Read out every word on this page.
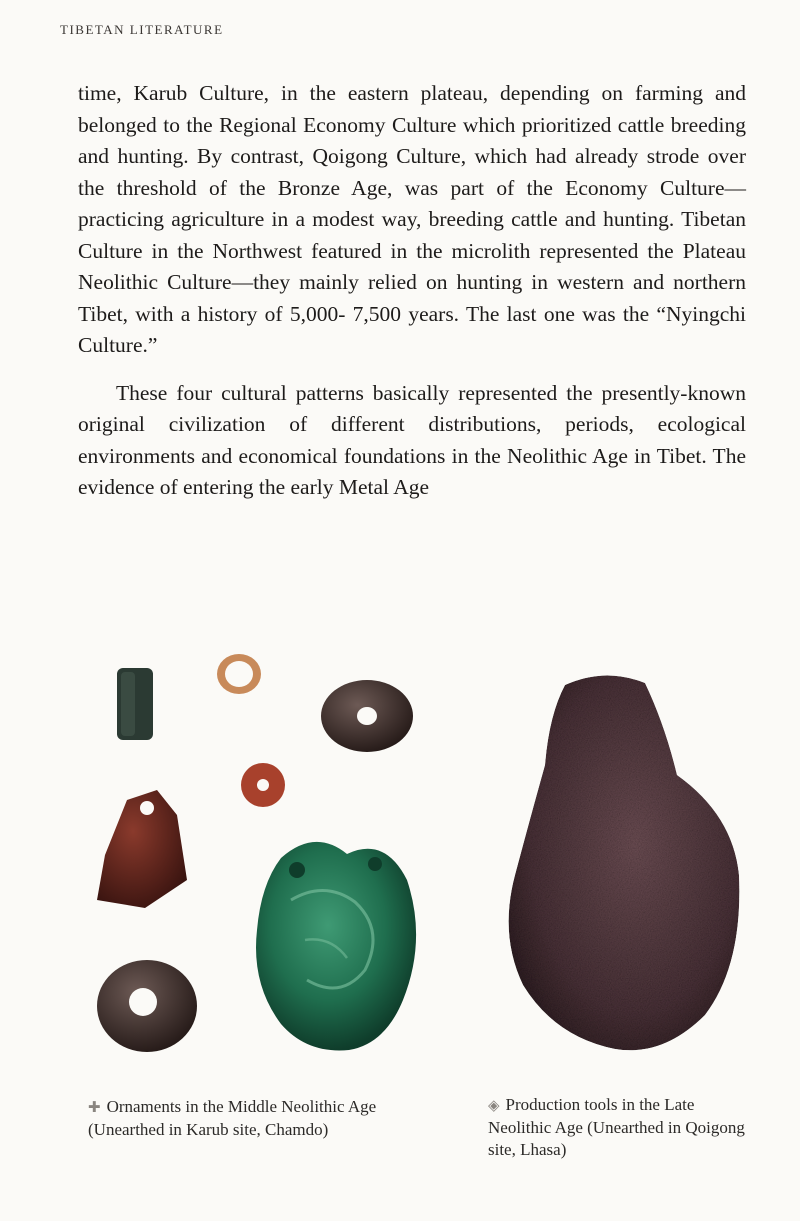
TIBETAN LITERATURE

time, Karub Culture, in the eastern plateau, depending on farming and belonged to the Regional Economy Culture which prioritized cattle breeding and hunting. By contrast, Qoigong Culture, which had already strode over the threshold of the Bronze Age, was part of the Economy Culture—practicing agriculture in a modest way, breeding cattle and hunting. Tibetan Culture in the Northwest featured in the microlith represented the Plateau Neolithic Culture—they mainly relied on hunting in western and northern Tibet, with a history of 5,000- 7,500 years. The last one was the “Nyingchi Culture.”

These four cultural patterns basically represented the presently-known original civilization of different distributions, periods, ecological environments and economical foundations in the Neolithic Age in Tibet. The evidence of entering the early Metal Age

✚ Ornaments in the Middle Neolithic Age (Unearthed in Karub site, Chamdo)
◈ Production tools in the Late Neolithic Age (Unearthed in Qoigong site, Lhasa)
